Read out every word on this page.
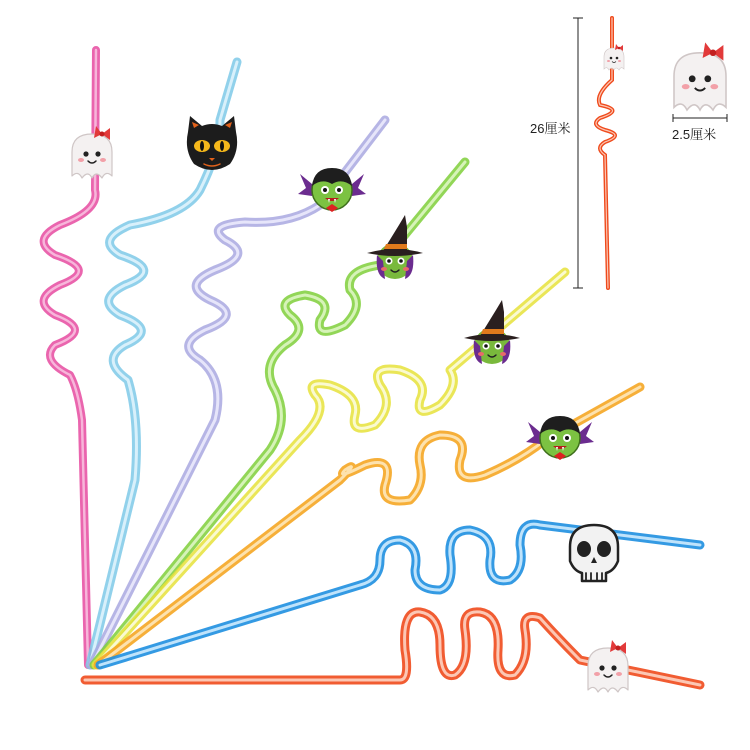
26厘米	2.5厘米
